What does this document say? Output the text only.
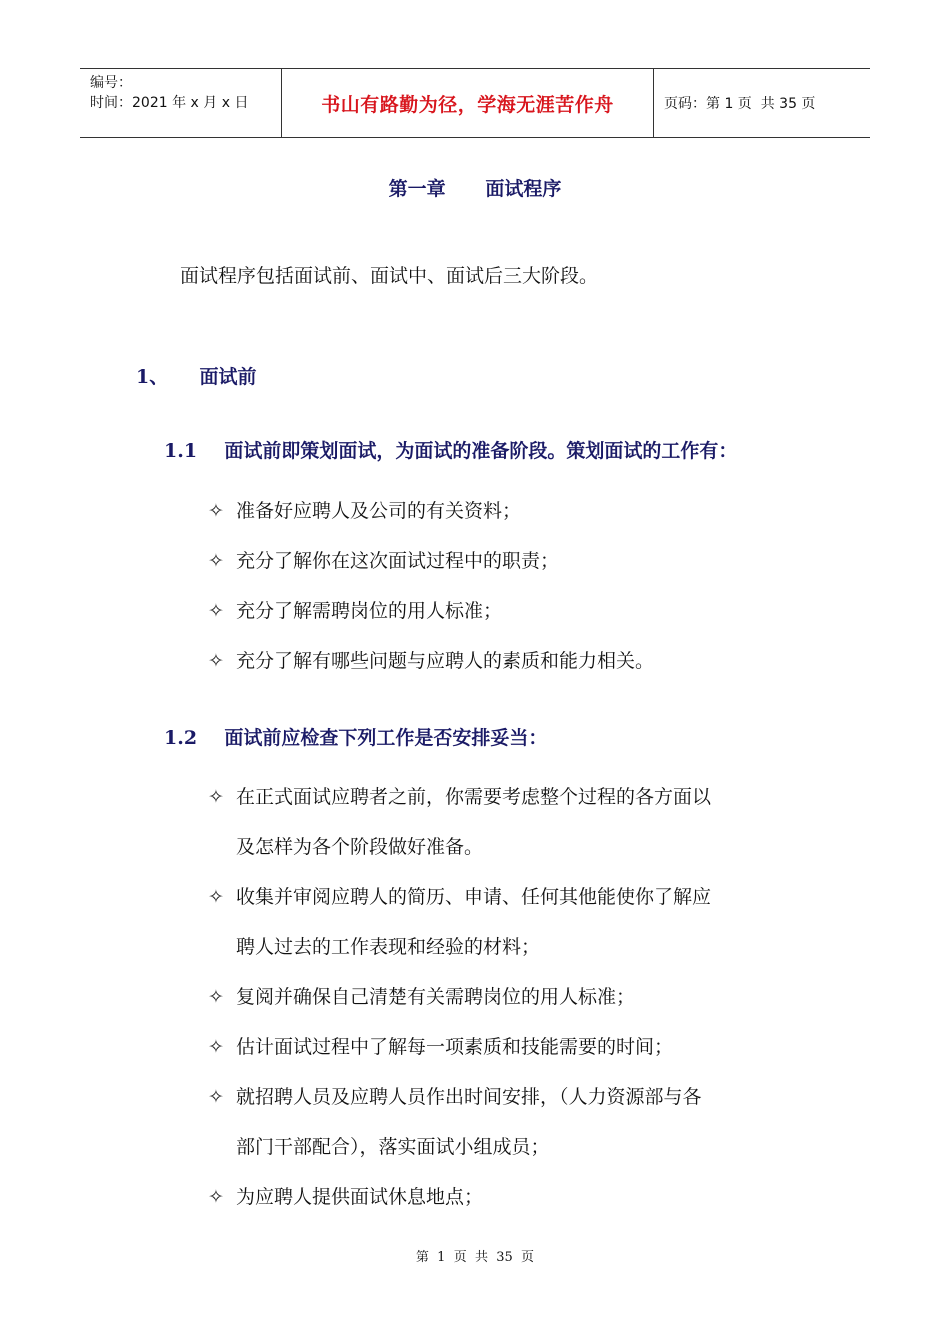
编号：
时间：2021 年 x 月 x 日	书山有路勤为径，学海无涯苦作舟	页码：第 1 页  共 35 页
第一章      面试程序
面试程序包括面试前、面试中、面试后三大阶段。
1、 面试前
1.1 面试前即策划面试，为面试的准备阶段。策划面试的工作有：
✧ 准备好应聘人及公司的有关资料；
✧ 充分了解你在这次面试过程中的职责；
✧ 充分了解需聘岗位的用人标准；
✧ 充分了解有哪些问题与应聘人的素质和能力相关。
1.2 面试前应检查下列工作是否安排妥当：
✧ 在正式面试应聘者之前，你需要考虑整个过程的各方面以
及怎样为各个阶段做好准备。
✧ 收集并审阅应聘人的简历、申请、任何其他能使你了解应
聘人过去的工作表现和经验的材料；
✧ 复阅并确保自己清楚有关需聘岗位的用人标准；
✧ 估计面试过程中了解每一项素质和技能需要的时间；
✧ 就招聘人员及应聘人员作出时间安排，（人力资源部与各
部门干部配合），落实面试小组成员；
✧ 为应聘人提供面试休息地点；
第  1  页  共  35  页
